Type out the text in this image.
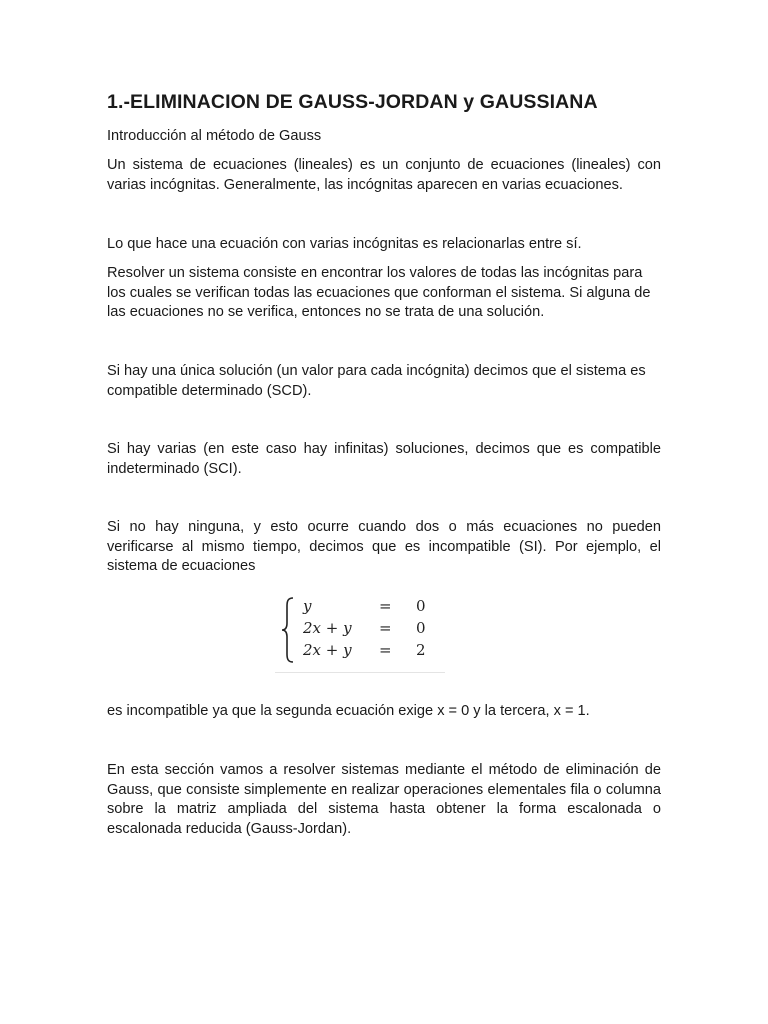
1.-ELIMINACION DE GAUSS-JORDAN y GAUSSIANA

Introducción al método de Gauss

Un sistema de ecuaciones (lineales) es un conjunto de ecuaciones (lineales) con varias incógnitas. Generalmente, las incógnitas aparecen en varias ecuaciones.

Lo que hace una ecuación con varias incógnitas es relacionarlas entre sí.

Resolver un sistema consiste en encontrar los valores de todas las incógnitas para los cuales se verifican todas las ecuaciones que conforman el sistema. Si alguna de las ecuaciones no se verifica, entonces no se trata de una solución.

Si hay una única solución (un valor para cada incógnita) decimos que el sistema es compatible determinado (SCD).

Si hay varias (en este caso hay infinitas) soluciones, decimos que es compatible indeterminado (SCI).

Si no hay ninguna, y esto ocurre cuando dos o más ecuaciones no pueden verificarse al mismo tiempo, decimos que es incompatible (SI). Por ejemplo, el sistema de ecuaciones

y	= 0
2x + y = 0
2x + y = 2

es incompatible ya que la segunda ecuación exige x = 0 y la tercera, x = 1.

En esta sección vamos a resolver sistemas mediante el método de eliminación de Gauss, que consiste simplemente en realizar operaciones elementales fila o columna sobre la matriz ampliada del sistema hasta obtener la forma escalonada o escalonada reducida (Gauss-Jordan).
